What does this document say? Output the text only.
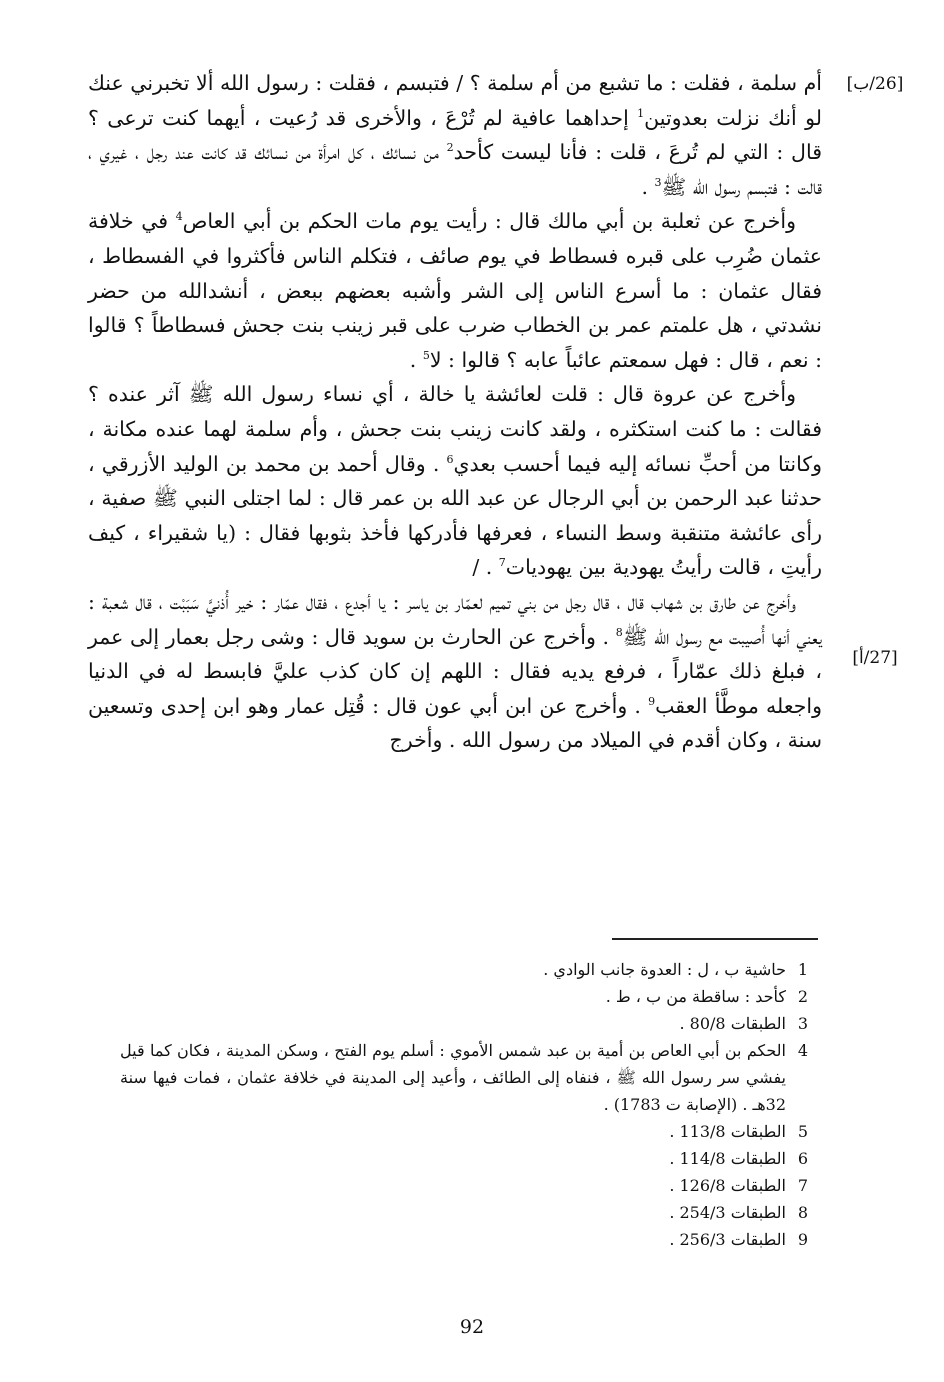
[26/ب]
[27/أ]

أم سلمة ، فقلت : ما تشبع من أم سلمة ؟ / فتبسم ، فقلت : رسول الله ألا تخبرني عنك لو أنك نزلت بعدوتين$^1$ إحداهما عافية لم تُرْعَ ، والأخرى قد رُعيت ، أيهما كنت ترعى ؟ قال : التي لم تُرعَ ، قلت : فأنا ليست كأحد$^2$ من نسائك ، كل امرأة من نسائك قد كانت عند رجل ، غيري ، قالت : فتبسم رسول الله ﷺ$^3$ .

وأخرج عن ثعلبة بن أبي مالك قال : رأيت يوم مات الحكم بن أبي العاص$^4$ في خلافة عثمان ضُرِب على قبره فسطاط في يوم صائف ، فتكلم الناس فأكثروا في الفسطاط ، فقال عثمان : ما أسرع الناس إلى الشر وأشبه بعضهم ببعض ، أنشدالله من حضر نشدتي ، هل علمتم عمر بن الخطاب ضرب على قبر زينب بنت جحش فسطاطاً ؟ قالوا : نعم ، قال : فهل سمعتم عائباً عابه ؟ قالوا : لا$^5$ .

وأخرج عن عروة قال : قلت لعائشة يا خالة ، أي نساء رسول الله ﷺ آثر عنده ؟ فقالت : ما كنت استكثره ، ولقد كانت زينب بنت جحش ، وأم سلمة لهما عنده مكانة ، وكانتا من أحبِّ نسائه إليه فيما أحسب بعدي$^6$ . وقال أحمد بن محمد بن الوليد الأزرقي ، حدثنا عبد الرحمن بن أبي الرجال عن عبد الله بن عمر قال : لما اجتلى النبي ﷺ صفية ، رأى عائشة متنقبة وسط النساء ، فعرفها فأدركها فأخذ بثوبها فقال : (يا شقيراء ، كيف رأيتِ ، قالت رأيتُ يهودية بين يهوديات$^7$ . /

وأخرج عن طارق بن شهاب قال ، قال رجل من بني تميم لعمّار بن ياسر : يا أجدع ، فقال عمّار : خير أُذنيَّ سَبَبْت ، قال شعبة : يعني أنها أُصيبت مع رسول الله ﷺ$^8$ . وأخرج عن الحارث بن سويد قال : وشى رجل بعمار إلى عمر ، فبلغ ذلك عمّاراً ، فرفع يديه فقال : اللهم إن كان كذب عليَّ فابسط له في الدنيا واجعله موطَّأ العقب$^9$ . وأخرج عن ابن أبي عون قال : قُتِل عمار وهو ابن إحدى وتسعين سنة ، وكان أقدم في الميلاد من رسول الله . وأخرج

1
حاشية ب ، ل : العدوة جانب الوادي .
2
كأحد : ساقطة من ب ، ط .
3
الطبقات 80/8 .
4
الحكم بن أبي العاص بن أمية بن عبد شمس الأموي : أسلم يوم الفتح ، وسكن المدينة ، فكان كما قيل يفشي سر رسول الله ﷺ ، فنفاه إلى الطائف ، وأعيد إلى المدينة في خلافة عثمان ، فمات فيها سنة 32هـ . (الإصابة ت 1783) .
5
الطبقات 113/8 .
6
الطبقات 114/8 .
7
الطبقات 126/8 .
8
الطبقات 254/3 .
9
الطبقات 256/3 .
92
